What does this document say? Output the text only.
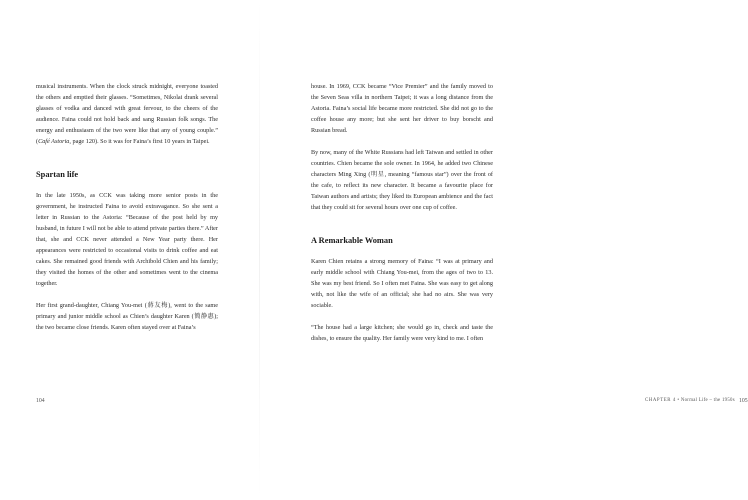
musical instruments. When the clock struck midnight, everyone toasted the others and emptied their glasses. “Sometimes, Nikolai drank several glasses of vodka and danced with great fervour, to the cheers of the audience. Faina could not hold back and sang Russian folk songs. The energy and enthusiasm of the two were like that any of young couple.” (Café Astoria, page 120). So it was for Faina’s first 10 years in Taipei.

Spartan life

In the late 1950s, as CCK was taking more senior posts in the government, he instructed Faina to avoid extravagance. So she sent a letter in Russian to the Astoria: “Because of the post held by my husband, in future I will not be able to attend private parties there.” After that, she and CCK never attended a New Year party there. Her appearances were restricted to occasional visits to drink coffee and eat cakes. She remained good friends with Archibold Chien and his family; they visited the homes of the other and sometimes went to the cinema together.

Her first grand-daughter, Chiang You-mei (蔣友梅), went to the same primary and junior middle school as Chien’s daughter Karen (簡静惠); the two became close friends. Karen often stayed over at Faina’s

104

house. In 1969, CCK became “Vice Premier” and the family moved to the Seven Seas villa in northern Taipei; it was a long distance from the Astoria. Faina’s social life became more restricted. She did not go to the coffee house any more; but she sent her driver to buy borscht and Russian bread.

By now, many of the White Russians had left Taiwan and settled in other countries. Chien became the sole owner. In 1964, he added two Chinese characters Ming Xing (明星, meaning “famous star”) over the front of the cafe, to reflect its new character. It became a favourite place for Taiwan authors and artists; they liked its European ambience and the fact that they could sit for several hours over one cup of coffee.

A Remarkable Woman

Karen Chien retains a strong memory of Faina: “I was at primary and early middle school with Chiang You-mei, from the ages of two to 13. She was my best friend. So I often met Faina. She was easy to get along with, not like the wife of an official; she had no airs. She was very sociable.

“The house had a large kitchen; she would go in, check and taste the dishes, to ensure the quality. Her family were very kind to me. I often

CHAPTER 4 • Normal Life – the 1950s 105
